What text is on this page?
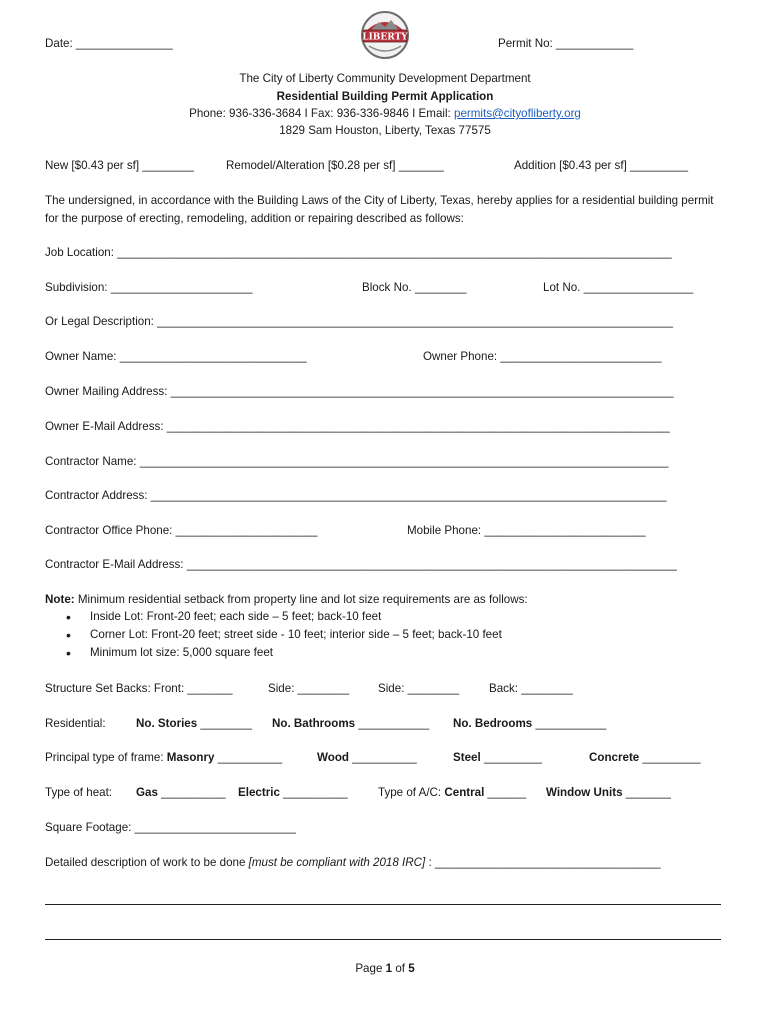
Date: _______________	Permit No: ____________
LIBERTY
The City of Liberty Community Development Department
Residential Building Permit Application
Phone: 936-336-3684 I Fax: 936-336-9846 I Email: permits@cityofliberty.org
1829 Sam Houston, Liberty, Texas 77575
New [$0.43 per sf] ________	Remodel/Alteration [$0.28 per sf] _______	Addition [$0.43 per sf] _________
The undersigned, in accordance with the Building Laws of the City of Liberty, Texas, hereby applies for a residential building permit for the purpose of erecting, remodeling, addition or repairing described as follows:
Job Location: ______________________________________________________________________________________
Subdivision: ______________________	Block No. ________	Lot No. _________________
Or Legal Description: ________________________________________________________________________________
Owner Name: _____________________________	Owner Phone: _________________________
Owner Mailing Address: ______________________________________________________________________________
Owner E-Mail Address: ______________________________________________________________________________
Contractor Name: __________________________________________________________________________________
Contractor Address: ________________________________________________________________________________
Contractor Office Phone: ______________________	Mobile Phone: _________________________
Contractor E-Mail Address: ____________________________________________________________________________
Note: Minimum residential setback from property line and lot size requirements are as follows:
• Inside Lot: Front-20 feet; each side – 5 feet; back-10 feet
• Corner Lot: Front-20 feet; street side - 10 feet; interior side – 5 feet; back-10 feet
• Minimum lot size: 5,000 square feet
Structure Set Backs: Front: _______	Side: ________ Side: ________	Back: ________
Residential:	No. Stories ________ No. Bathrooms ___________ No. Bedrooms ___________
Principal type of frame: Masonry __________	Wood __________	Steel _________	Concrete _________
Type of heat: Gas __________ Electric __________	Type of A/C: Central ______ Window Units _______
Square Footage: _________________________
Detailed description of work to be done [must be compliant with 2018 IRC] : ___________________________________
Page 1 of 5
